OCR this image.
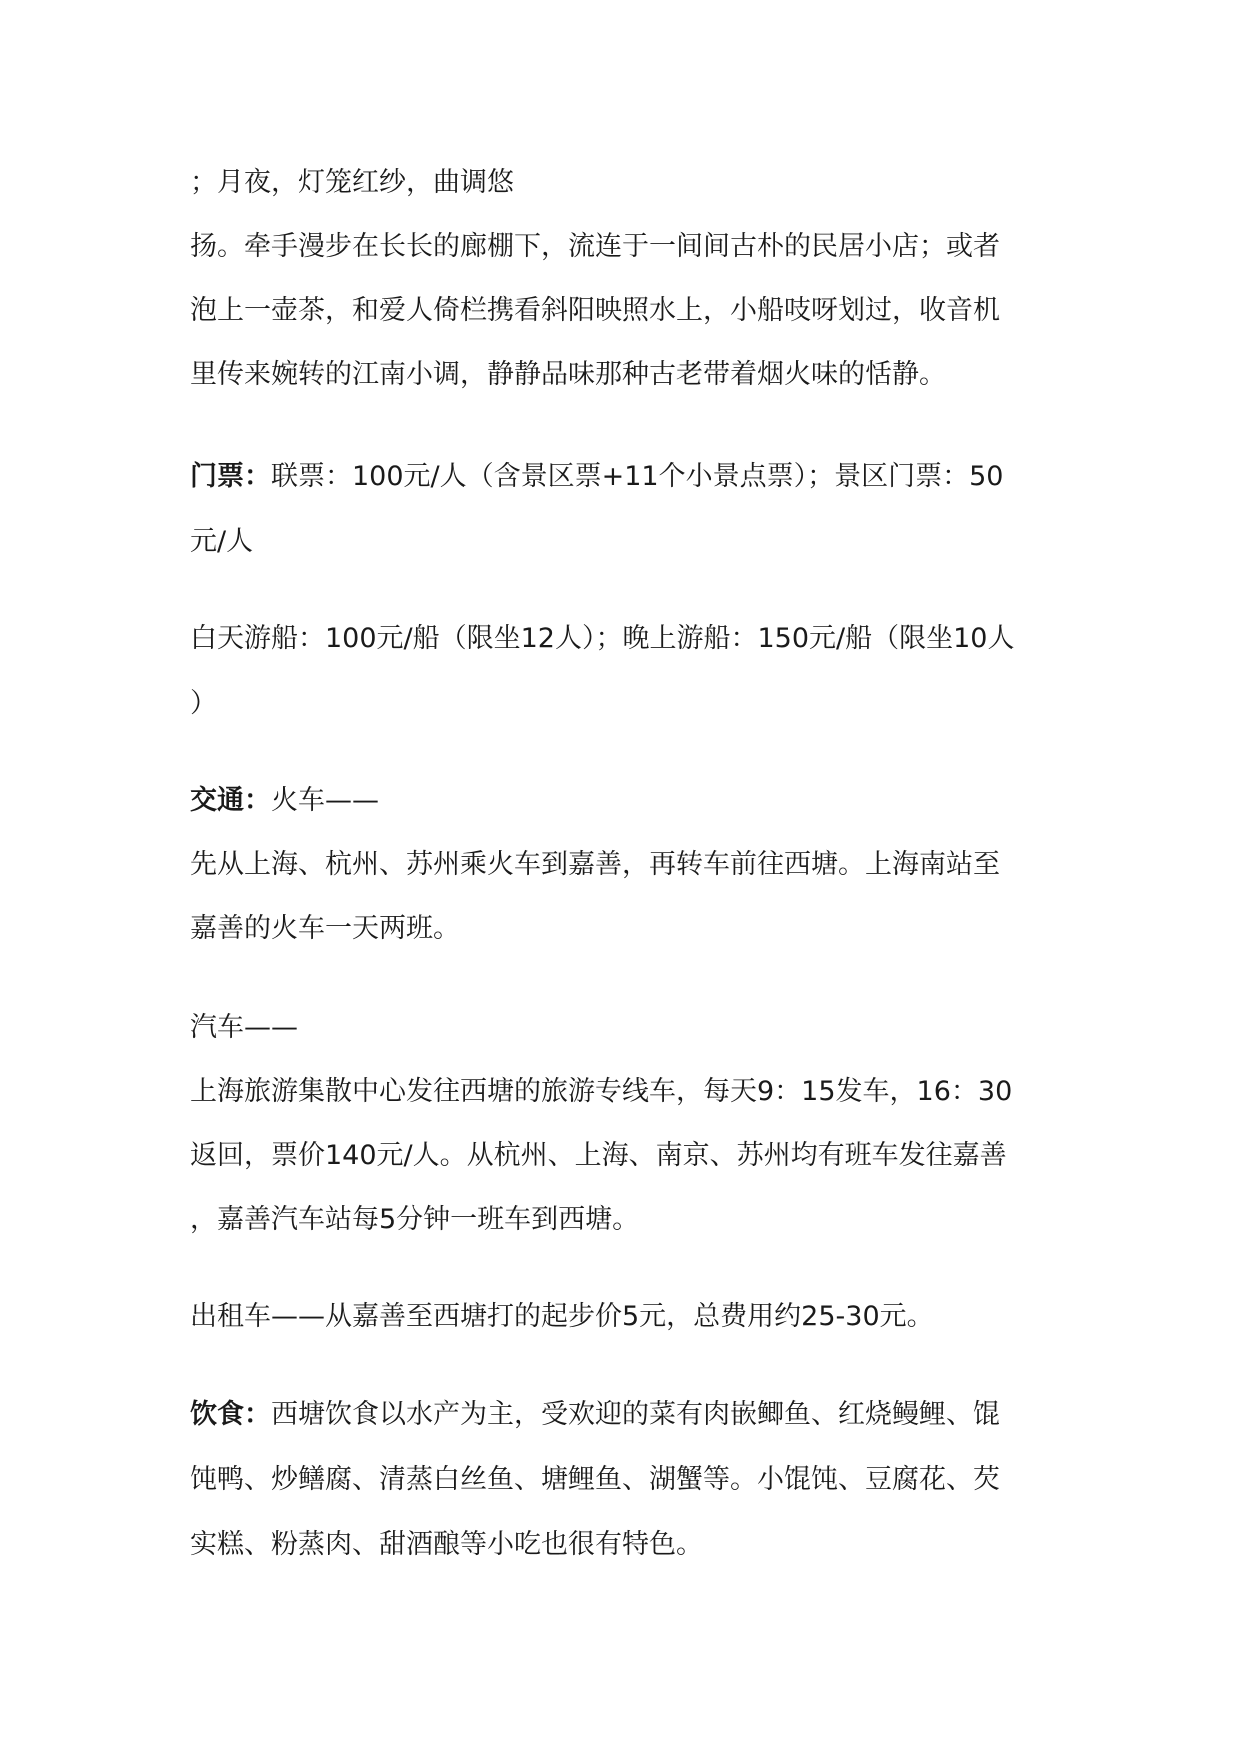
；月夜，灯笼红纱，曲调悠
扬。牵手漫步在长长的廊棚下，流连于一间间古朴的民居小店；或者
泡上一壶茶，和爱人倚栏携看斜阳映照水上，小船吱呀划过，收音机
里传来婉转的江南小调，静静品味那种古老带着烟火味的恬静。
门票：联票：100元/人（含景区票+11个小景点票）；景区门票：50
元/人
白天游船：100元/船（限坐12人）；晚上游船：150元/船（限坐10人
）
交通：火车——
先从上海、杭州、苏州乘火车到嘉善，再转车前往西塘。上海南站至
嘉善的火车一天两班。
汽车——
上海旅游集散中心发往西塘的旅游专线车，每天9：15发车，16：30
返回，票价140元/人。从杭州、上海、南京、苏州均有班车发往嘉善
，嘉善汽车站每5分钟一班车到西塘。
出租车——从嘉善至西塘打的起步价5元，总费用约25-30元。
饮食：西塘饮食以水产为主，受欢迎的菜有肉嵌鲫鱼、红烧鳗鲤、馄
饨鸭、炒鳝腐、清蒸白丝鱼、塘鲤鱼、湖蟹等。小馄饨、豆腐花、芡
实糕、粉蒸肉、甜酒酿等小吃也很有特色。
